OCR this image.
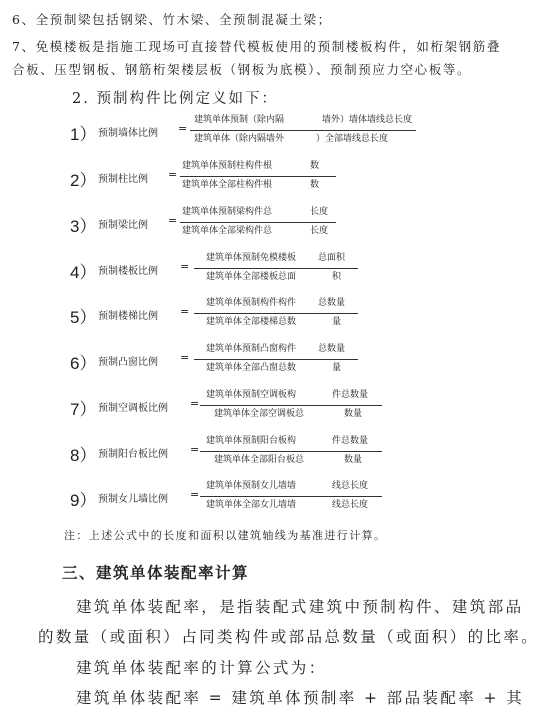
6、全预制梁包括钢梁、竹木梁、全预制混凝土梁；
7、免模楼板是指施工现场可直接替代模板使用的预制楼板构件，如桁架钢筋叠
合板、压型钢板、钢筋桁架楼层板（钢板为底模）、预制预应力空心板等。
2. 预制构件比例定义如下：
1） 预制墙体比例 =
建筑单体预制（除内隔	墙外）墙体墙线总长度
建筑单体（除内隔墙外	）全部墙线总长度
2） 预制柱比例 =
建筑单体预制柱构件根	数
建筑单体全部柱构件根	数
3） 预制梁比例 =
建筑单体预制梁构件总	长度
建筑单体全部梁构件总	长度
4） 预制楼板比例 =
建筑单体预制免模楼板 总面积
建筑单体全部楼板总面	积
5） 预制楼梯比例 =
建筑单体预制构件构件 总数量
建筑单体全部楼梯总数	量
6） 预制凸窗比例 =
建筑单体预制凸窗构件 总数量
建筑单体全部凸窗总数	量
7） 预制空调板比例 =
建筑单体预制空调板构	件总数量
建筑单体全部空调板总	数量
8） 预制阳台板比例 =
建筑单体预制阳台板构	件总数量
建筑单体全部阳台板总	数量
9） 预制女儿墙比例 =
建筑单体预制女儿墙墙	线总长度
建筑单体全部女儿墙墙	线总长度
注：上述公式中的长度和面积以建筑轴线为基准进行计算。
三、建筑单体装配率计算
建筑单体装配率，是指装配式建筑中预制构件、建筑部品
的数量（或面积）占同类构件或部品总数量（或面积）的比率。
建筑单体装配率的计算公式为：
建筑单体装配率 = 建筑单体预制率 + 部品装配率 + 其
